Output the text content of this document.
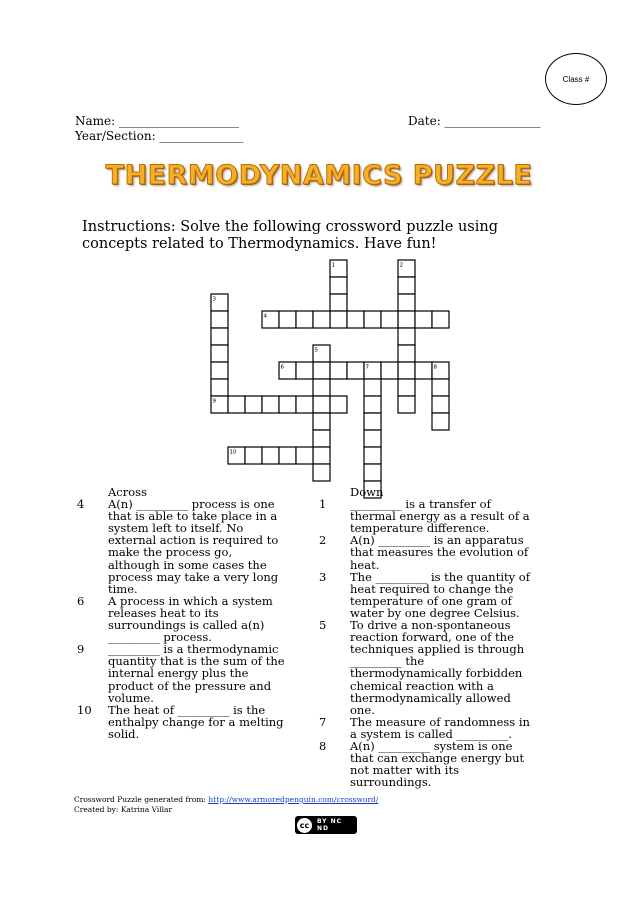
Class #
Name: ____________________	Date: ________________
Year/Section: ______________
THERMODYNAMICS PUZZLE
Instructions: Solve the following crossword puzzle using concepts related to Thermodynamics. Have fun!
1	2
3
9
4
5
6	7	8
10
Across
4	A(n) _________ process is one that is able to take place in a system left to itself. No external action is required to make the process go, although in some cases the process may take a very long time.
6	A process in which a system releases heat to its surroundings is called a(n) _________ process.
9	_________ is a thermodynamic quantity that is the sum of the internal energy plus the product of the pressure and volume.
10	The heat of _________ is the enthalpy change for a melting solid.
Down
1	_________ is a transfer of thermal energy as a result of a temperature difference.
2	A(n) _________ is an apparatus that measures the evolution of heat.
3	The _________ is the quantity of heat required to change the temperature of one gram of water by one degree Celsius.
5	To drive a non-spontaneous reaction forward, one of the techniques applied is through _________ the thermodynamically forbidden chemical reaction with a thermodynamically allowed one.
7	The measure of randomness in a system is called _________.
8	A(n) _________ system is one that can exchange energy but not matter with its surroundings.
Crossword Puzzle generated from: http://www.armoredpenguin.com/crossword/
Created by: Katrina Villar
cc	BY NC ND
